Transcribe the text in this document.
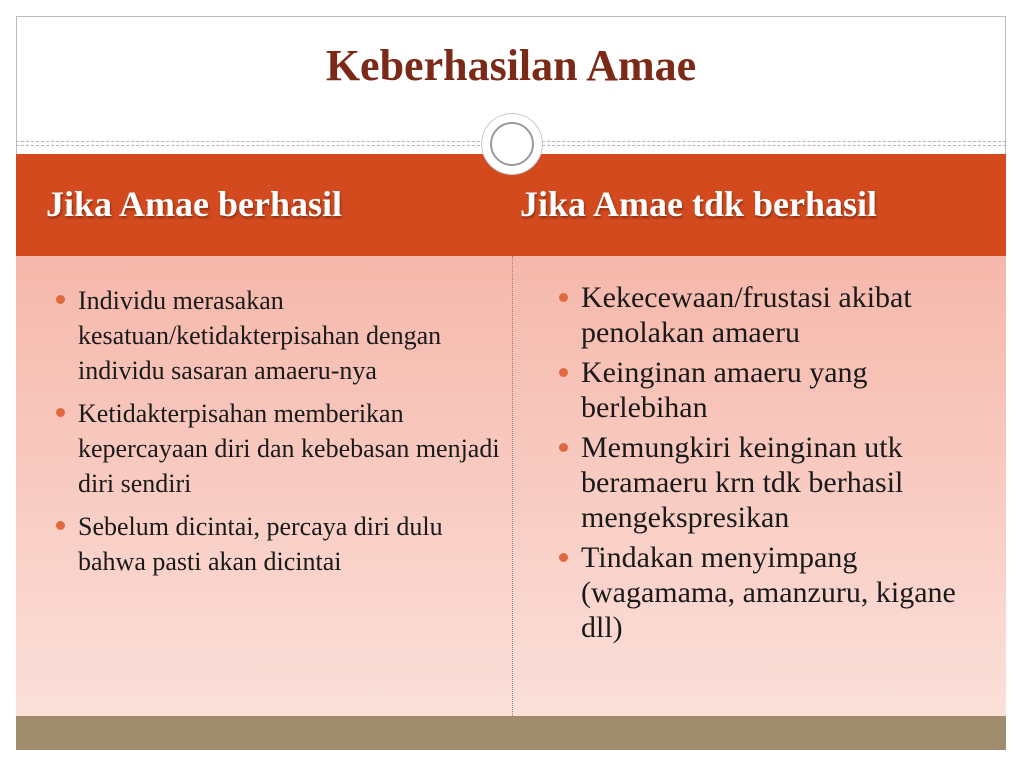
Keberhasilan Amae
Jika Amae berhasil	Jika Amae tdk berhasil
Individu merasakan kesatuan/ketidakterpisahan dengan individu sasaran amaeru-nya
Ketidakterpisahan memberikan kepercayaan diri dan kebebasan menjadi diri sendiri
Sebelum dicintai, percaya diri dulu bahwa pasti akan dicintai
Kekecewaan/frustasi akibat penolakan amaeru
Keinginan amaeru yang berlebihan
Memungkiri keinginan utk beramaeru krn tdk berhasil mengekspresikan
Tindakan menyimpang (wagamama, amanzuru, kigane dll)
